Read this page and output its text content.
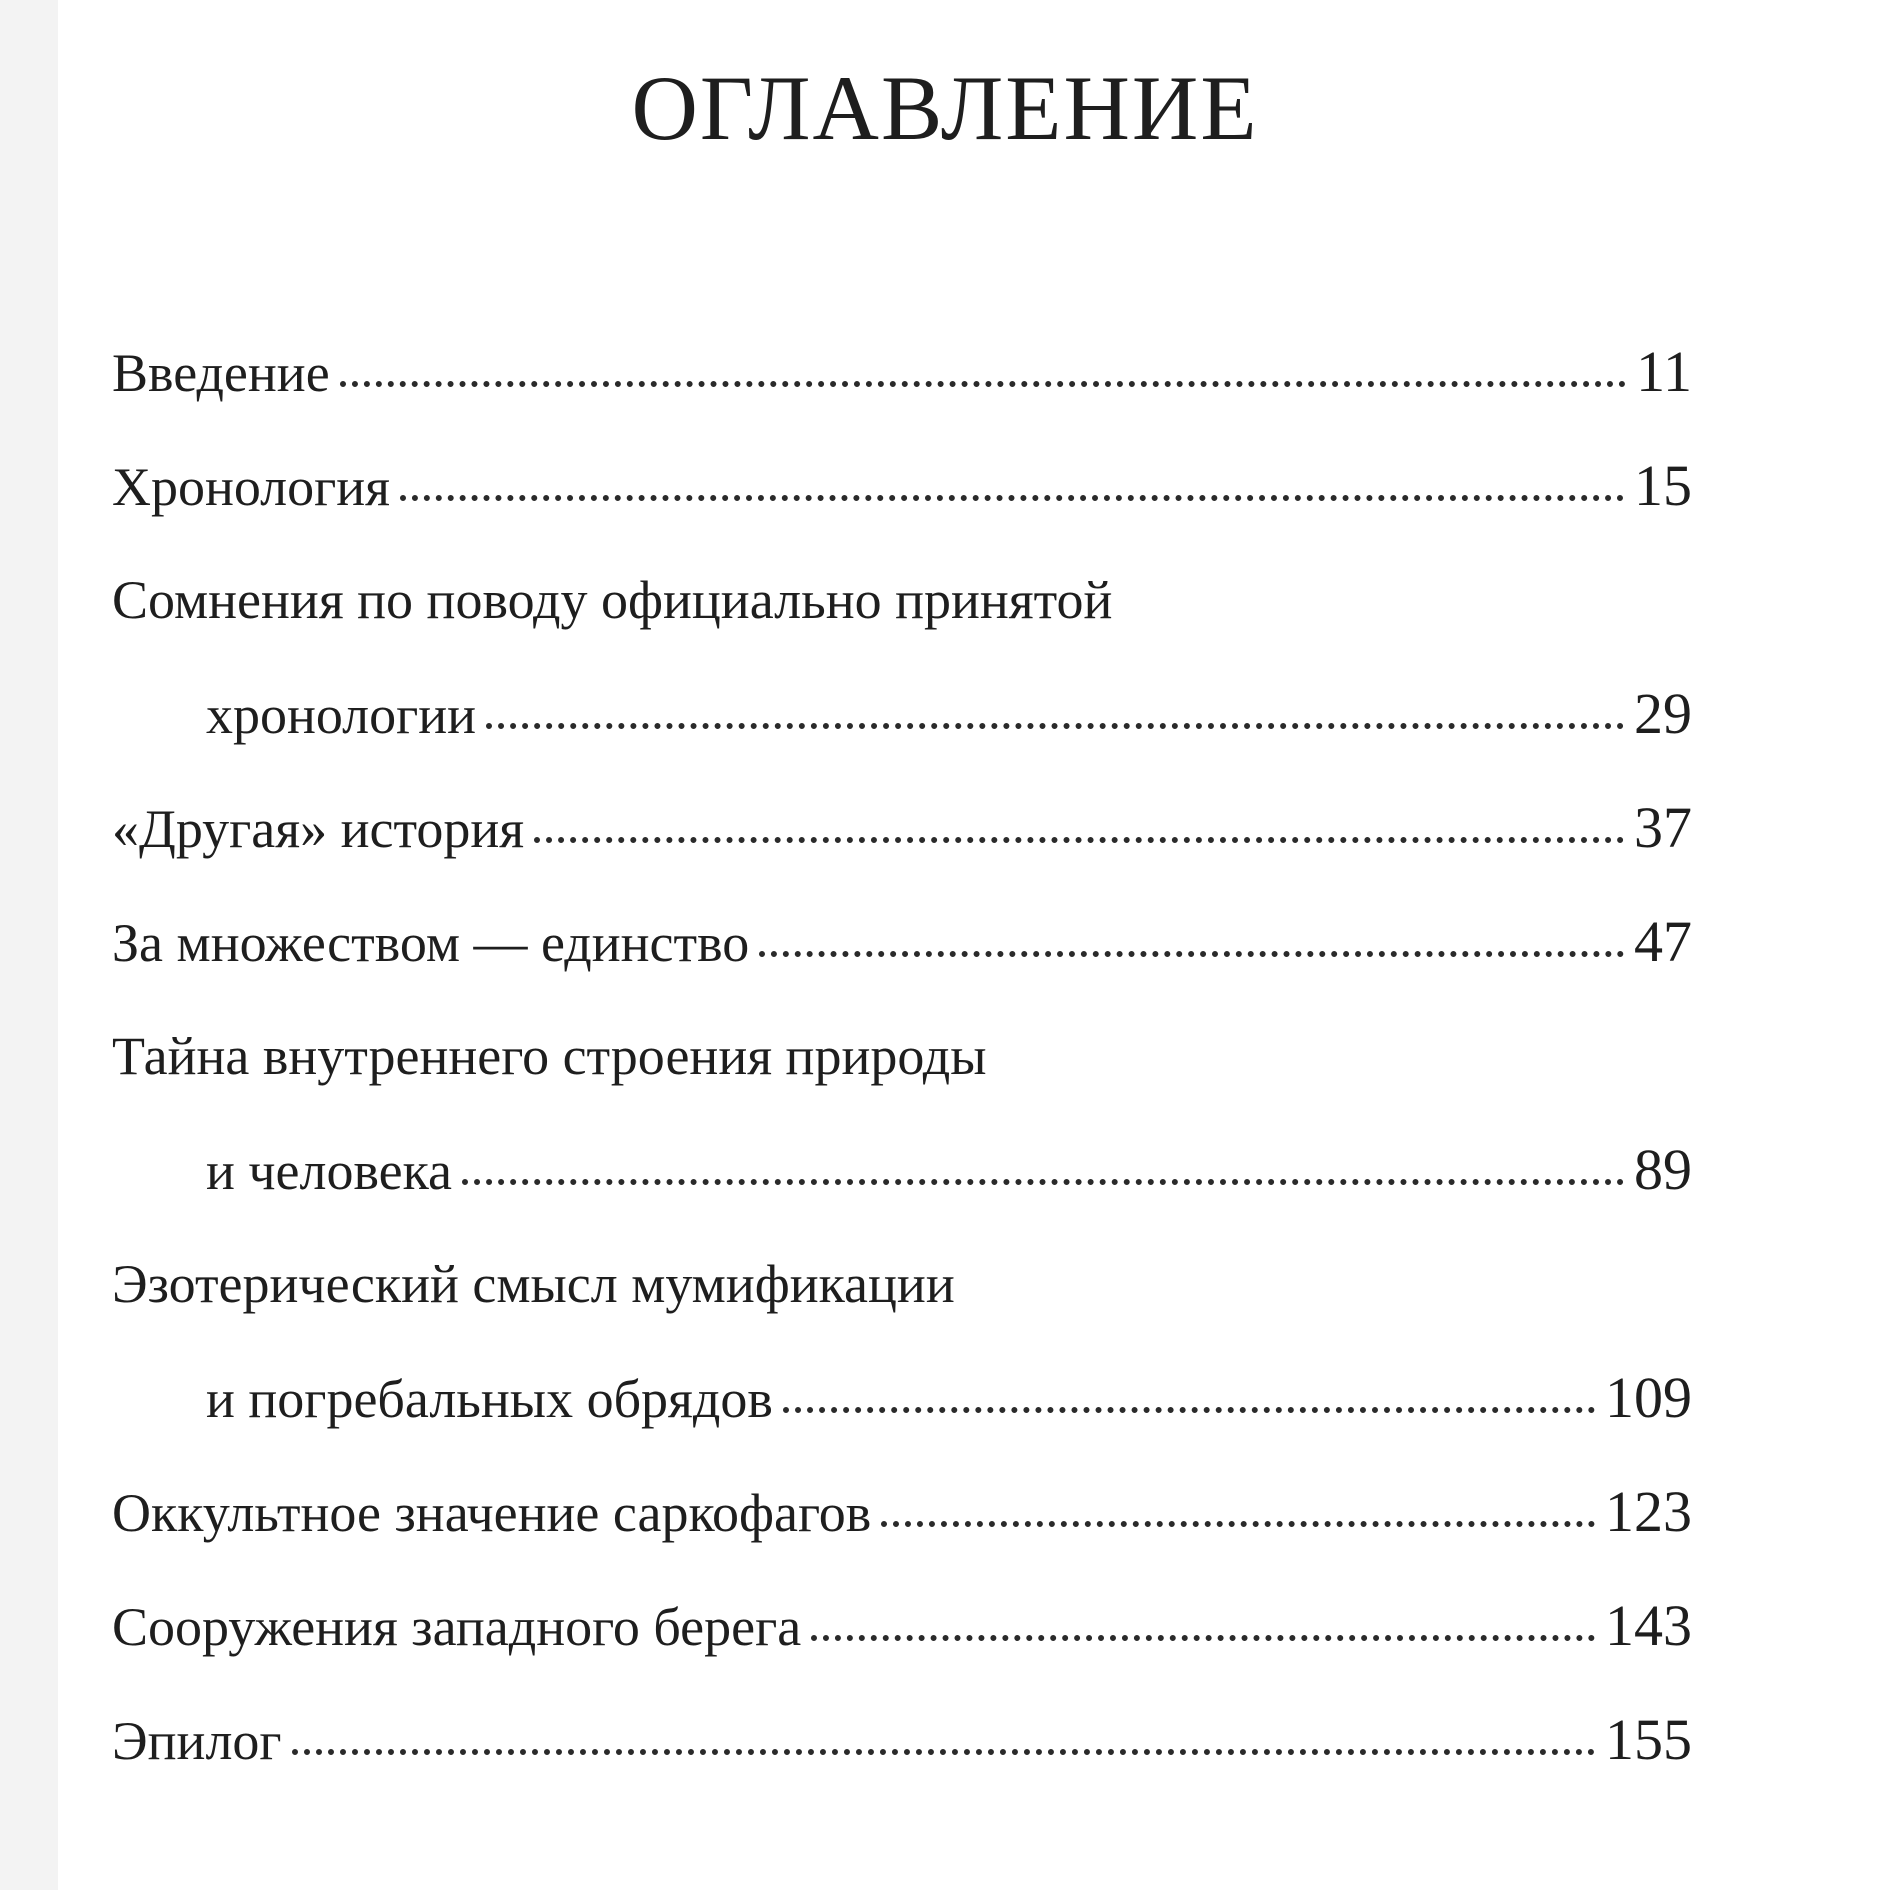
ОГЛАВЛЕНИЕ
Введение	11
Хронология	15
Сомнения по поводу официально принятой
хронологии	29
«Другая» история	37
За множеством — единство	47
Тайна внутреннего строения природы
и человека	89
Эзотерический смысл мумификации
и погребальных обрядов	109
Оккультное значение саркофагов	123
Сооружения западного берега	143
Эпилог	155
